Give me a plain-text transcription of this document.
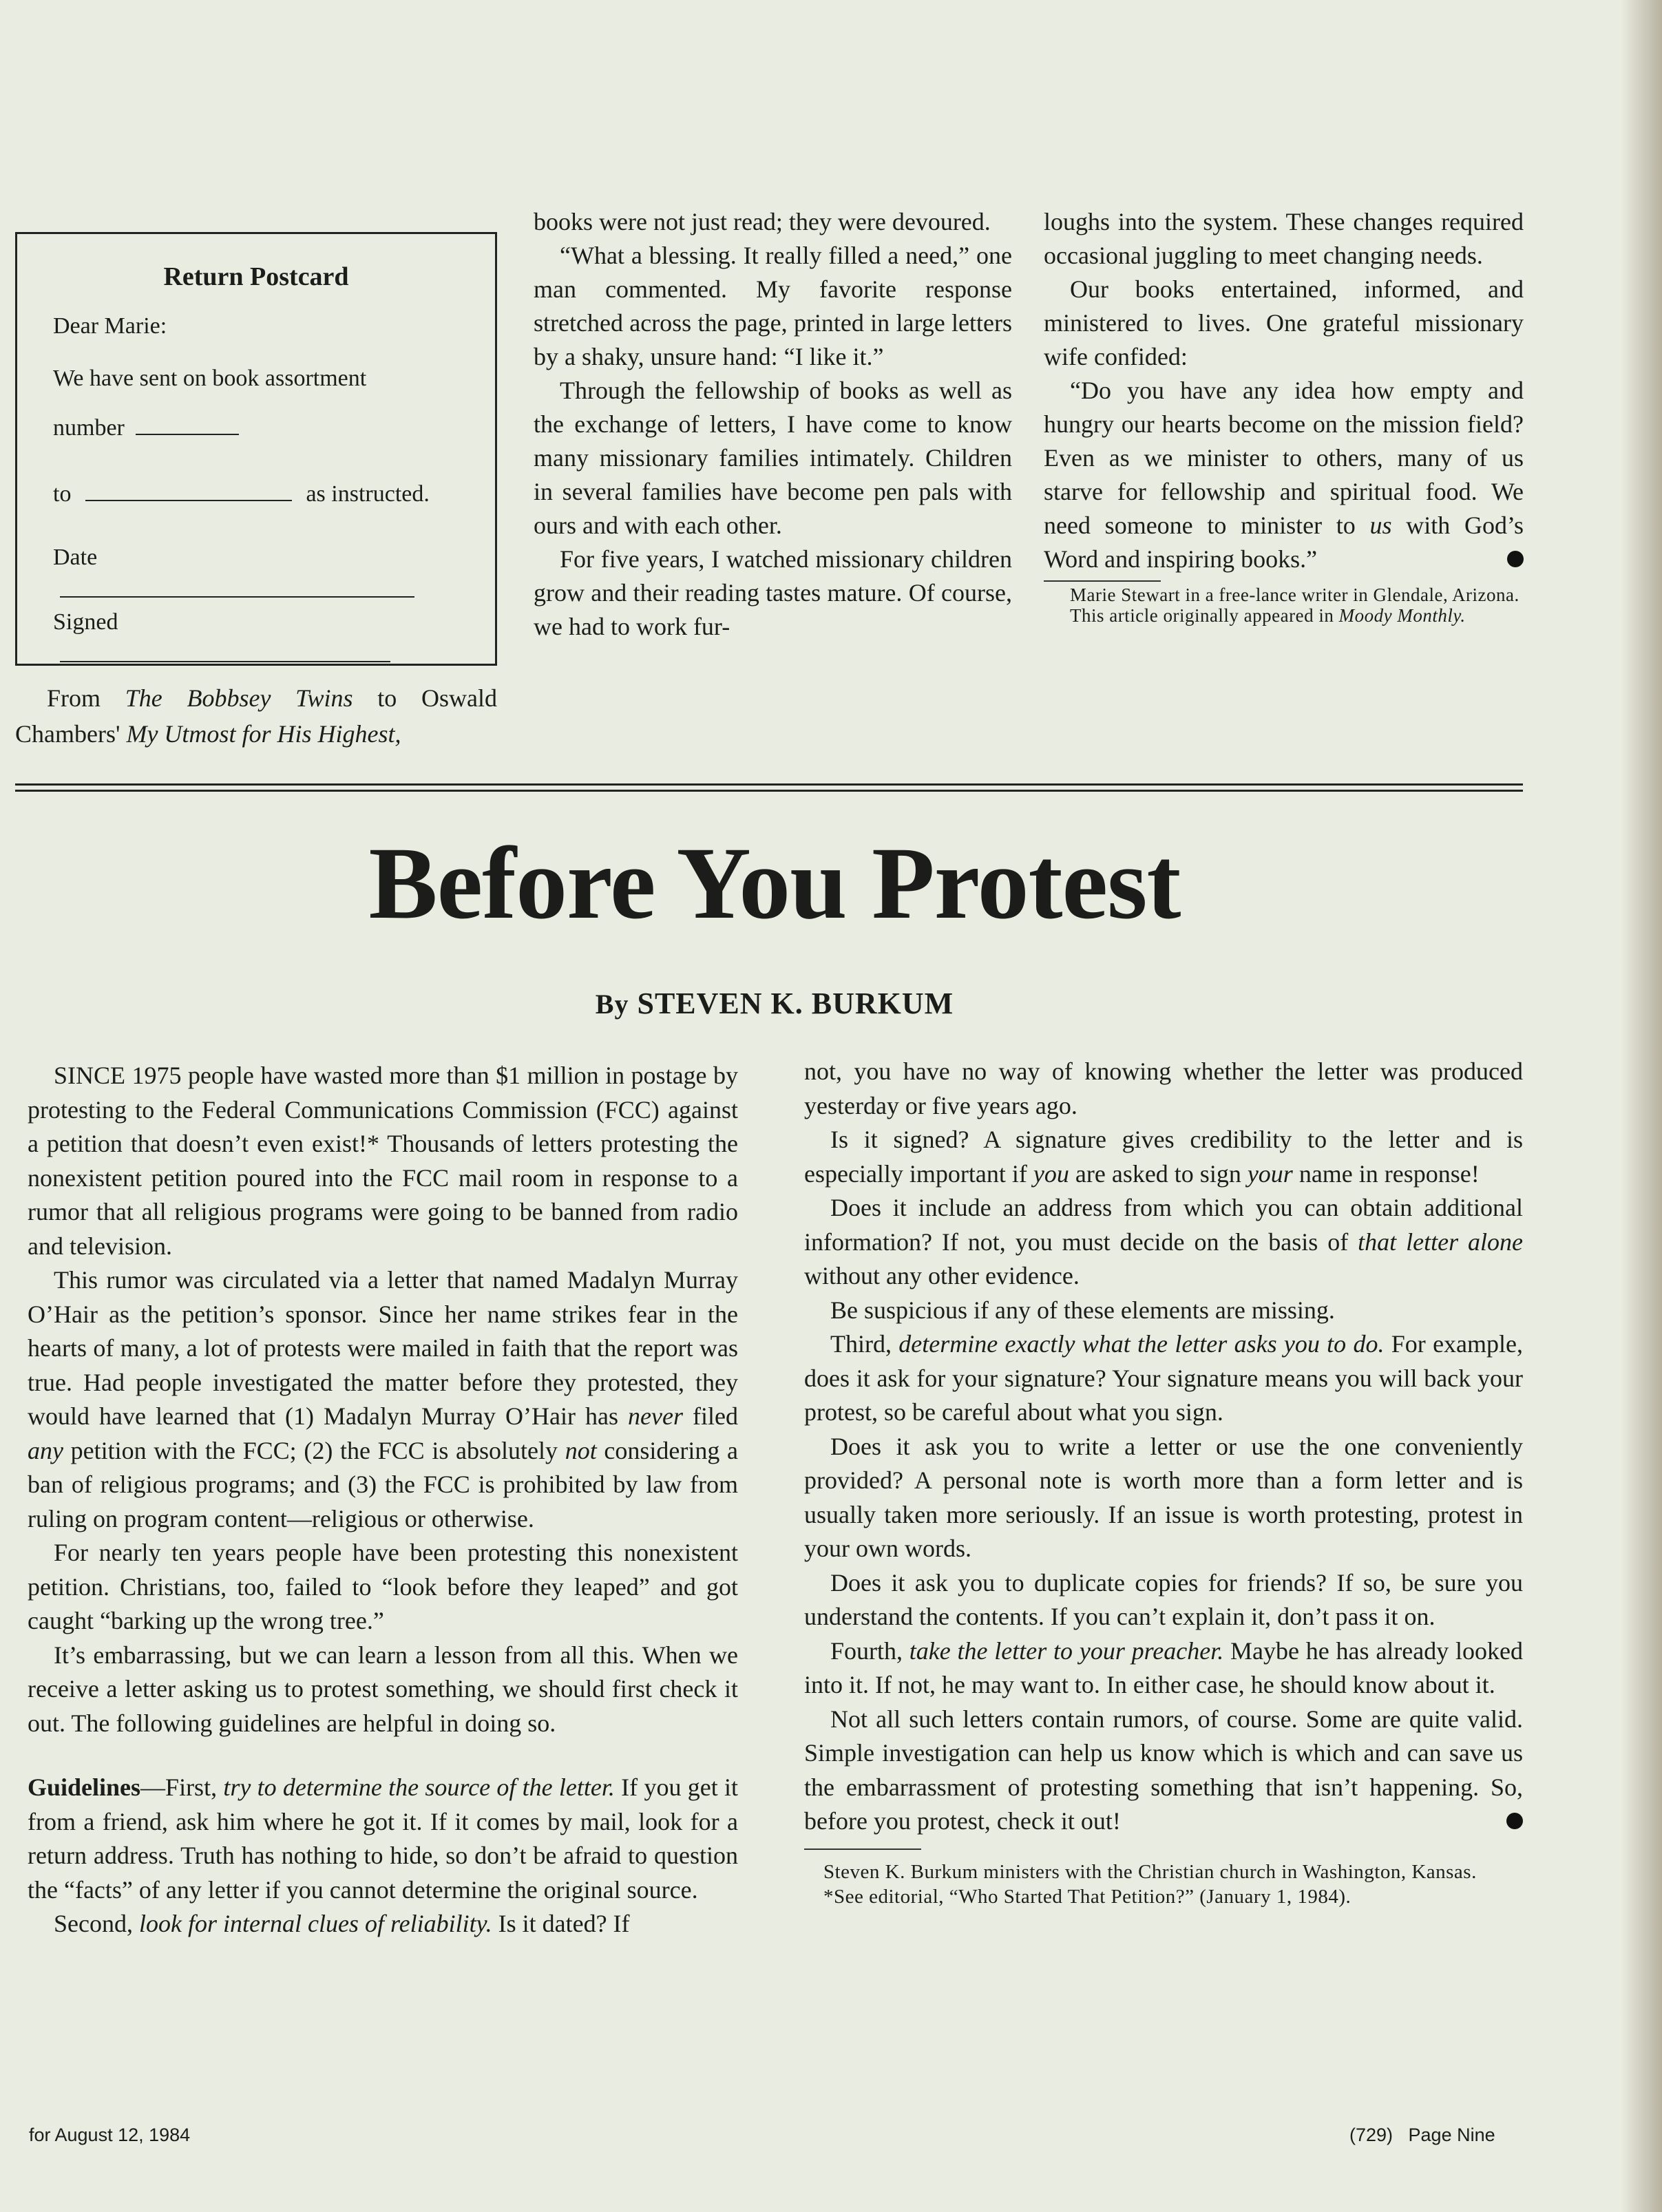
Return Postcard
Dear Marie:
We have sent on book assortment
number
to	as instructed.
Date
Signed
From The Bobbsey Twins to Oswald Chambers' My Utmost for His Highest,

books were not just read; they were devoured.

“What a blessing. It really filled a need,” one man commented. My favorite response stretched across the page, printed in large letters by a shaky, unsure hand: “I like it.”

Through the fellowship of books as well as the exchange of letters, I have come to know many missionary families intimately. Children in several families have become pen pals with ours and with each other.

For five years, I watched missionary children grow and their reading tastes mature. Of course, we had to work fur-

loughs into the system. These changes required occasional juggling to meet changing needs.

Our books entertained, informed, and ministered to lives. One grateful missionary wife confided:

“Do you have any idea how empty and hungry our hearts become on the mission field? Even as we minister to others, many of us starve for fellowship and spiritual food. We need someone to minister to us with God’s Word and inspiring books.”

Marie Stewart in a free-lance writer in Glendale, Arizona.

This article originally appeared in Moody Monthly.

Before You Protest
By STEVEN K. BURKUM

SINCE 1975 people have wasted more than $1 million in postage by protesting to the Federal Communications Commission (FCC) against a petition that doesn’t even exist!* Thousands of letters protesting the nonexistent petition poured into the FCC mail room in response to a rumor that all religious programs were going to be banned from radio and television.

This rumor was circulated via a letter that named Madalyn Murray O’Hair as the petition’s sponsor. Since her name strikes fear in the hearts of many, a lot of protests were mailed in faith that the report was true. Had people investigated the matter before they protested, they would have learned that (1) Madalyn Murray O’Hair has never filed any petition with the FCC; (2) the FCC is absolutely not considering a ban of religious programs; and (3) the FCC is prohibited by law from ruling on program content—religious or otherwise.

For nearly ten years people have been protesting this nonexistent petition. Christians, too, failed to “look before they leaped” and got caught “barking up the wrong tree.”

It’s embarrassing, but we can learn a lesson from all this. When we receive a letter asking us to protest something, we should first check it out. The following guidelines are helpful in doing so.

Guidelines—First, try to determine the source of the letter. If you get it from a friend, ask him where he got it. If it comes by mail, look for a return address. Truth has nothing to hide, so don’t be afraid to question the “facts” of any letter if you cannot determine the original source.

Second, look for internal clues of reliability. Is it dated? If

not, you have no way of knowing whether the letter was produced yesterday or five years ago.

Is it signed? A signature gives credibility to the letter and is especially important if you are asked to sign your name in response!

Does it include an address from which you can obtain additional information? If not, you must decide on the basis of that letter alone without any other evidence.

Be suspicious if any of these elements are missing.

Third, determine exactly what the letter asks you to do. For example, does it ask for your signature? Your signature means you will back your protest, so be careful about what you sign.

Does it ask you to write a letter or use the one conveniently provided? A personal note is worth more than a form letter and is usually taken more seriously. If an issue is worth protesting, protest in your own words.

Does it ask you to duplicate copies for friends? If so, be sure you understand the contents. If you can’t explain it, don’t pass it on.

Fourth, take the letter to your preacher. Maybe he has already looked into it. If not, he may want to. In either case, he should know about it.

Not all such letters contain rumors, of course. Some are quite valid. Simple investigation can help us know which is which and can save us the embarrassment of protesting something that isn’t happening. So, before you protest, check it out!

Steven K. Burkum ministers with the Christian church in Washington, Kansas.

*See editorial, “Who Started That Petition?” (January 1, 1984).

for August 12, 1984	(729)   Page Nine
